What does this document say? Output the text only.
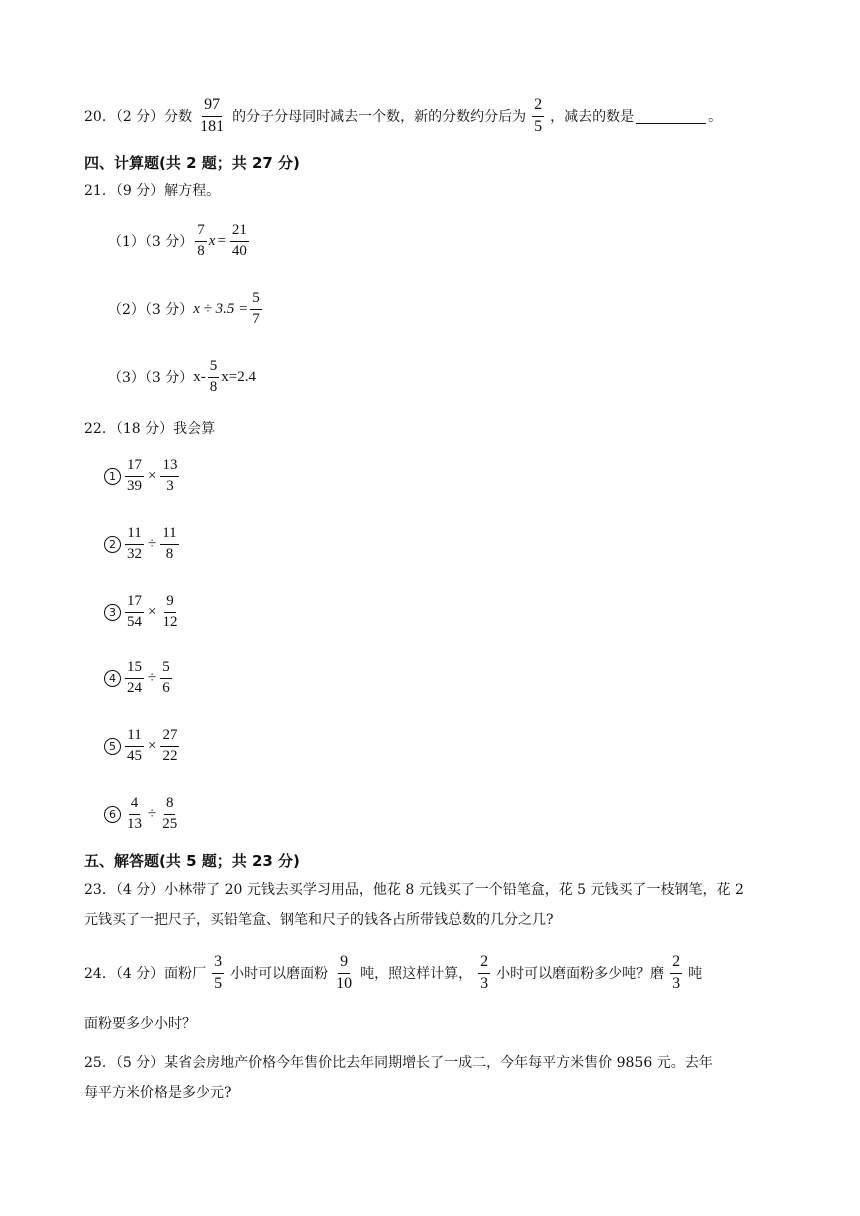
20．（2 分）分数 $\frac{97}{181}$ 的分子分母同时减去一个数，新的分数约分后为 $\frac{2}{5}$ ，减去的数是	。
四、计算题(共 2 题；共 27 分)
21．（9 分）解方程。
（1）（3 分） $\frac{7}{8}$ $x = \frac{21}{40}$
（2）（3 分） $x \div 3.5 = \frac{5}{7}$
（3）（3 分） $x- \frac{5}{8} x=2.4$
22．（18 分）我会算
$1 \frac{17}{39} \times \frac{13}{3}$
$2 \frac{11}{32} \div \frac{11}{8}$
$3 \frac{17}{54} \times \frac{9}{12}$
$4 \frac{15}{24} \div \frac{5}{6}$
$5 \frac{11}{45} \times \frac{27}{22}$
$6 \frac{4}{13} \div \frac{8}{25}$
五、解答题(共 5 题；共 23 分)
23．（4 分）小林带了 20 元钱去买学习用品，他花 8 元钱买了一个铅笔盒，花 5 元钱买了一枝钢笔，花 2
元钱买了一把尺子，买铅笔盒、钢笔和尺子的钱各占所带钱总数的几分之几?
24．（4 分）面粉厂 $\frac{3}{5}$ 小时可以磨面粉 $\frac{9}{10}$ 吨，照这样计算， $\frac{2}{3}$ 小时可以磨面粉多少吨？磨 $\frac{2}{3}$ 吨
面粉要多少小时？
25．（5 分）某省会房地产价格今年售价比去年同期增长了一成二，今年每平方米售价 9856 元。去年
每平方米价格是多少元?
